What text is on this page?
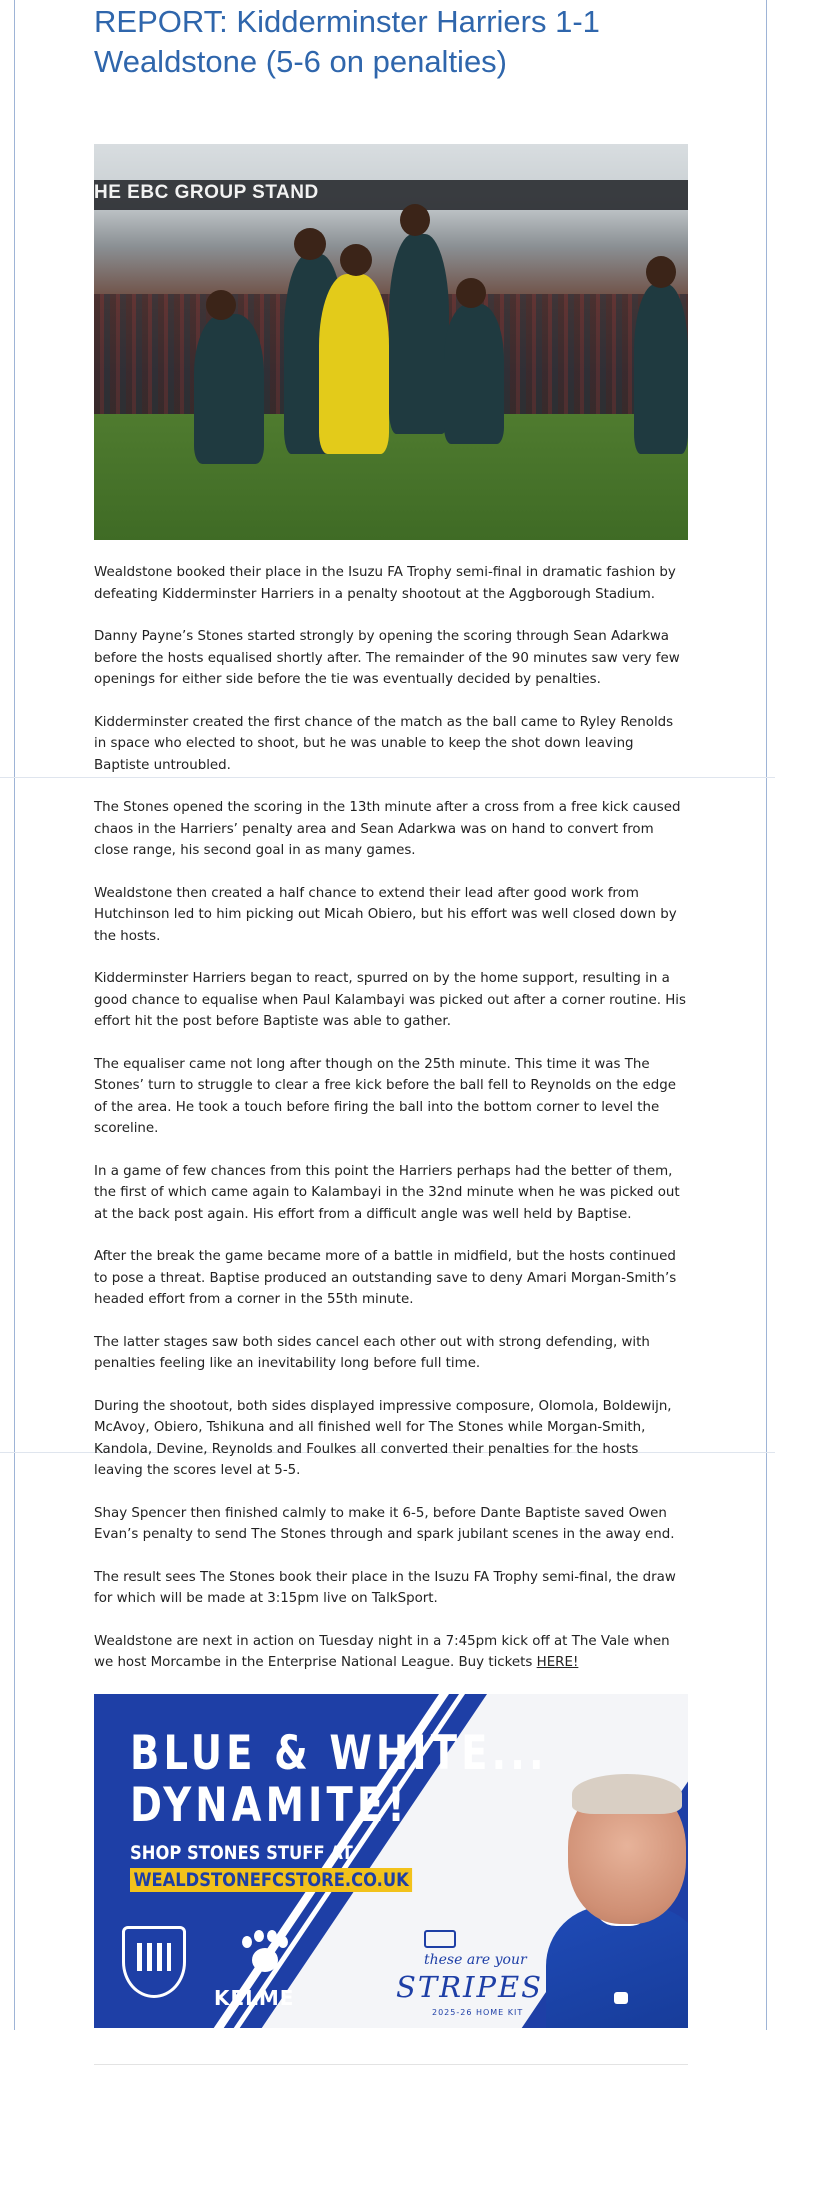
REPORT: Kidderminster Harriers 1-1 Wealdstone (5-6 on penalties)
HE EBC GROUP STAND

Wealdstone booked their place in the Isuzu FA Trophy semi-final in dramatic fashion by defeating Kidderminster Harriers in a penalty shootout at the Aggborough Stadium.

Danny Payne’s Stones started strongly by opening the scoring through Sean Adarkwa before the hosts equalised shortly after. The remainder of the 90 minutes saw very few openings for either side before the tie was eventually decided by penalties.

Kidderminster created the first chance of the match as the ball came to Ryley Renolds in space who elected to shoot, but he was unable to keep the shot down leaving Baptiste untroubled.

The Stones opened the scoring in the 13th minute after a cross from a free kick caused chaos in the Harriers’ penalty area and Sean Adarkwa was on hand to convert from close range, his second goal in as many games.

Wealdstone then created a half chance to extend their lead after good work from Hutchinson led to him picking out Micah Obiero, but his effort was well closed down by the hosts.

Kidderminster Harriers began to react, spurred on by the home support, resulting in a good chance to equalise when Paul Kalambayi was picked out after a corner routine. His effort hit the post before Baptiste was able to gather.

The equaliser came not long after though on the 25th minute. This time it was The Stones’ turn to struggle to clear a free kick before the ball fell to Reynolds on the edge of the area. He took a touch before firing the ball into the bottom corner to level the scoreline.

In a game of few chances from this point the Harriers perhaps had the better of them, the first of which came again to Kalambayi in the 32nd minute when he was picked out at the back post again. His effort from a difficult angle was well held by Baptise.

After the break the game became more of a battle in midfield, but the hosts continued to pose a threat. Baptise produced an outstanding save to deny Amari Morgan-Smith’s headed effort from a corner in the 55th minute.

The latter stages saw both sides cancel each other out with strong defending, with penalties feeling like an inevitability long before full time.

During the shootout, both sides displayed impressive composure, Olomola, Boldewijn, McAvoy, Obiero, Tshikuna and all finished well for The Stones while Morgan-Smith, Kandola, Devine, Reynolds and Foulkes all converted their penalties for the hosts leaving the scores level at 5-5.

Shay Spencer then finished calmly to make it 6-5, before Dante Baptiste saved Owen Evan’s penalty to send The Stones through and spark jubilant scenes in the away end.

The result sees The Stones book their place in the Isuzu FA Trophy semi-final, the draw for which will be made at 3:15pm live on TalkSport.

Wealdstone are next in action on Tuesday night in a 7:45pm kick off at The Vale when we host Morcambe in the Enterprise National League. Buy tickets HERE!

BLUE & WHITE...
DYNAMITE!
SHOP STONES STUFF AT
WEALDSTONEFCSTORE.CO.UK
KELME
these are your
STRIPES
2025-26 HOME KIT
